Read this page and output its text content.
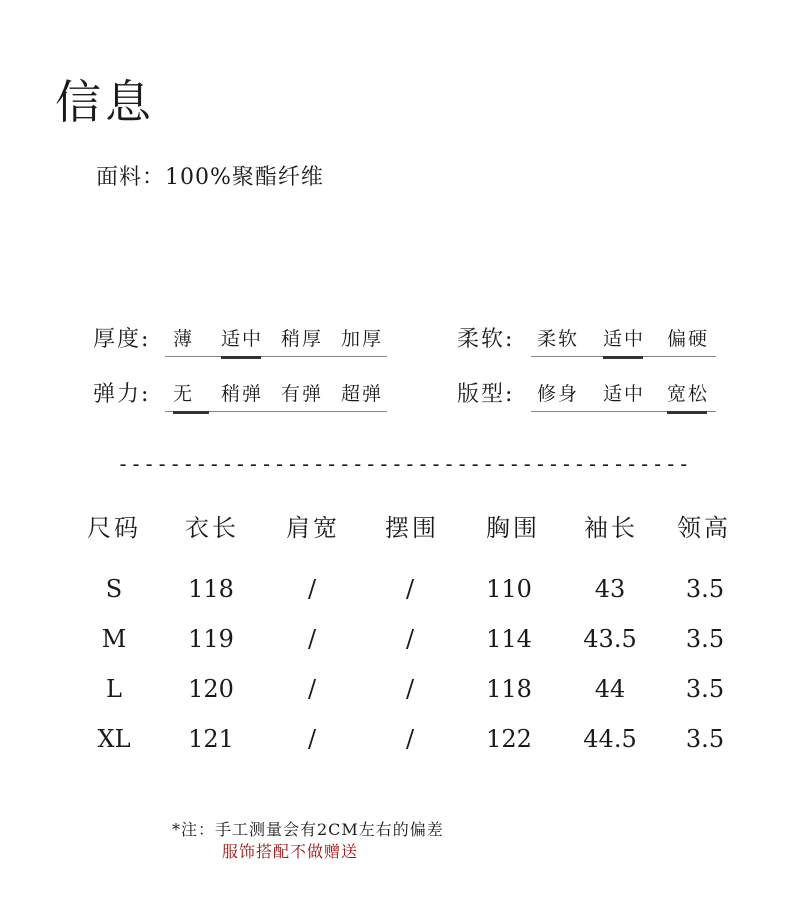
信息
面料：100%聚酯纤维
厚度: 薄 适中 稍厚 加厚	柔软: 柔软 适中 偏硬
弹力: 无	稍弹 有弹 超弹	版型: 修身 适中 宽松
--------------------------------------------
尺码 衣长 肩宽 摆围 胸围 袖长 领高
S	118	/	/	110	43	3.5
M	119	/	/	114 43.5 3.5
L	120	/	/	118	44	3.5
XL 121	/	/	122 44.5 3.5
*注：手工测量会有2CM左右的偏差
服饰搭配不做赠送
